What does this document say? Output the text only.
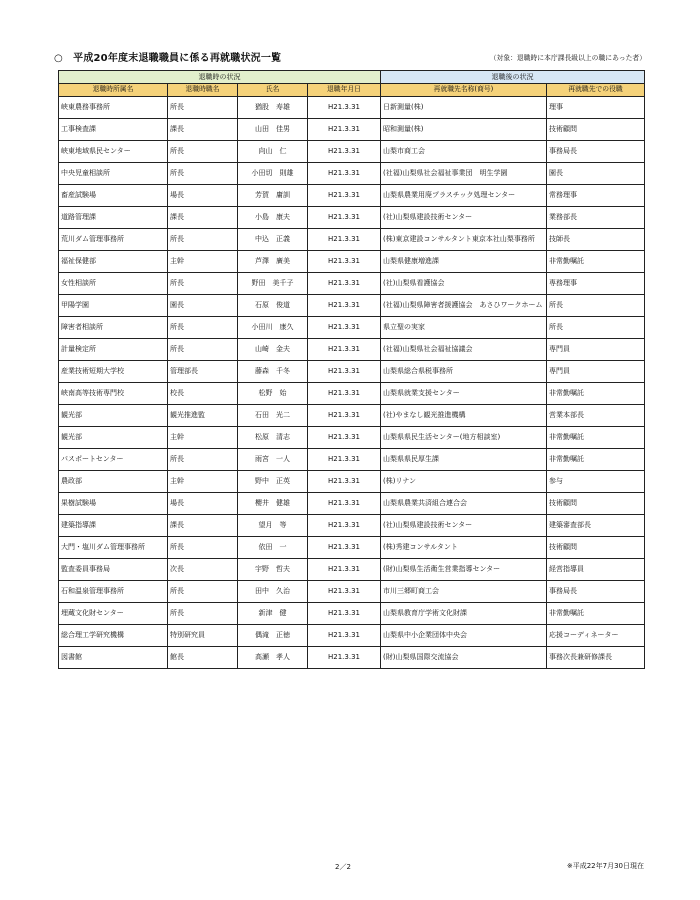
○　平成20年度末退職職員に係る再就職状況一覧	（対象：退職時に本庁課長級以上の職にあった者）
退職時の状況				退職後の状況	
退職時所属名	退職時職名	氏名	退職年月日	再就職先名称(商号)	再就職先での役職
峡東農務事務所	所長	猶股　寿雄	H21.3.31	日新測量(株)	理事
工事検査課	課長	山田　佳男	H21.3.31	昭和測量(株)	技術顧問
峡東地域県民センター	所長	向山　仁	H21.3.31	山梨市商工会	事務局長
中央児童相談所	所長	小田切　則雄	H21.3.31	(社福)山梨県社会福祉事業団　明生学園	園長
畜産試験場	場長	芳賀　庸訓	H21.3.31	山梨県農業用廃プラスチック処理センター	常務理事
道路管理課	課長	小島　康夫	H21.3.31	(社)山梨県建設技術センター	業務部長
荒川ダム管理事務所	所長	中込　正義	H21.3.31	(株)東京建設コンサルタント東京本社山梨事務所	技師長
福祉保健部	主幹	芦澤　廣美	H21.3.31	山梨県健康増進課	非常勤嘱託
女性相談所	所長	野田　美千子	H21.3.31	(社)山梨県看護協会	専務理事
甲陽学園	園長	石原　俊道	H21.3.31	(社福)山梨県障害者援護協会　あさひワークホーム	所長
障害者相談所	所長	小田川　康久	H21.3.31	県立聖の実家	所長
計量検定所	所長	山崎　金夫	H21.3.31	(社福)山梨県社会福祉協議会	専門員
産業技術短期大学校	管理部長	藤森　千冬	H21.3.31	山梨県総合県税事務所	専門員
峡南高等技術専門校	校長	松野　始	H21.3.31	山梨県就業支援センター	非常勤嘱託
観光部	観光推進監	石田　光二	H21.3.31	(社)やまなし観光推進機構	営業本部長
観光部	主幹	松原　清志	H21.3.31	山梨県県民生活センター(地方相談室)	非常勤嘱託
パスポートセンター	所長	雨宮　一人	H21.3.31	山梨県県民厚生課	非常勤嘱託
農政部	主幹	野中　正英	H21.3.31	(株)リナン	参与
果樹試験場	場長	櫻井　健雄	H21.3.31	山梨県農業共済組合連合会	技術顧問
建築指導課	課長	望月　等	H21.3.31	(社)山梨県建設技術センター	建築審査部長
大門・塩川ダム管理事務所	所長	依田　一	H21.3.31	(株)秀建コンサルタント	技術顧問
監査委員事務局	次長	宇野　哲夫	H21.3.31	(財)山梨県生活衛生営業指導センター	経営指導員
石和温泉管理事務所	所長	田中　久治	H21.3.31	市川三郷町商工会	事務局長
埋蔵文化財センター	所長	新津　健	H21.3.31	山梨県教育庁学術文化財課	非常勤嘱託
総合理工学研究機構	特別研究員	偶滝　正徳	H21.3.31	山梨県中小企業団体中央会	応援コーディネーター
図書館	館長	高瀬　孝人	H21.3.31	(財)山梨県国際交流協会	事務次長兼研修課長
2／2	※平成22年7月30日現在
